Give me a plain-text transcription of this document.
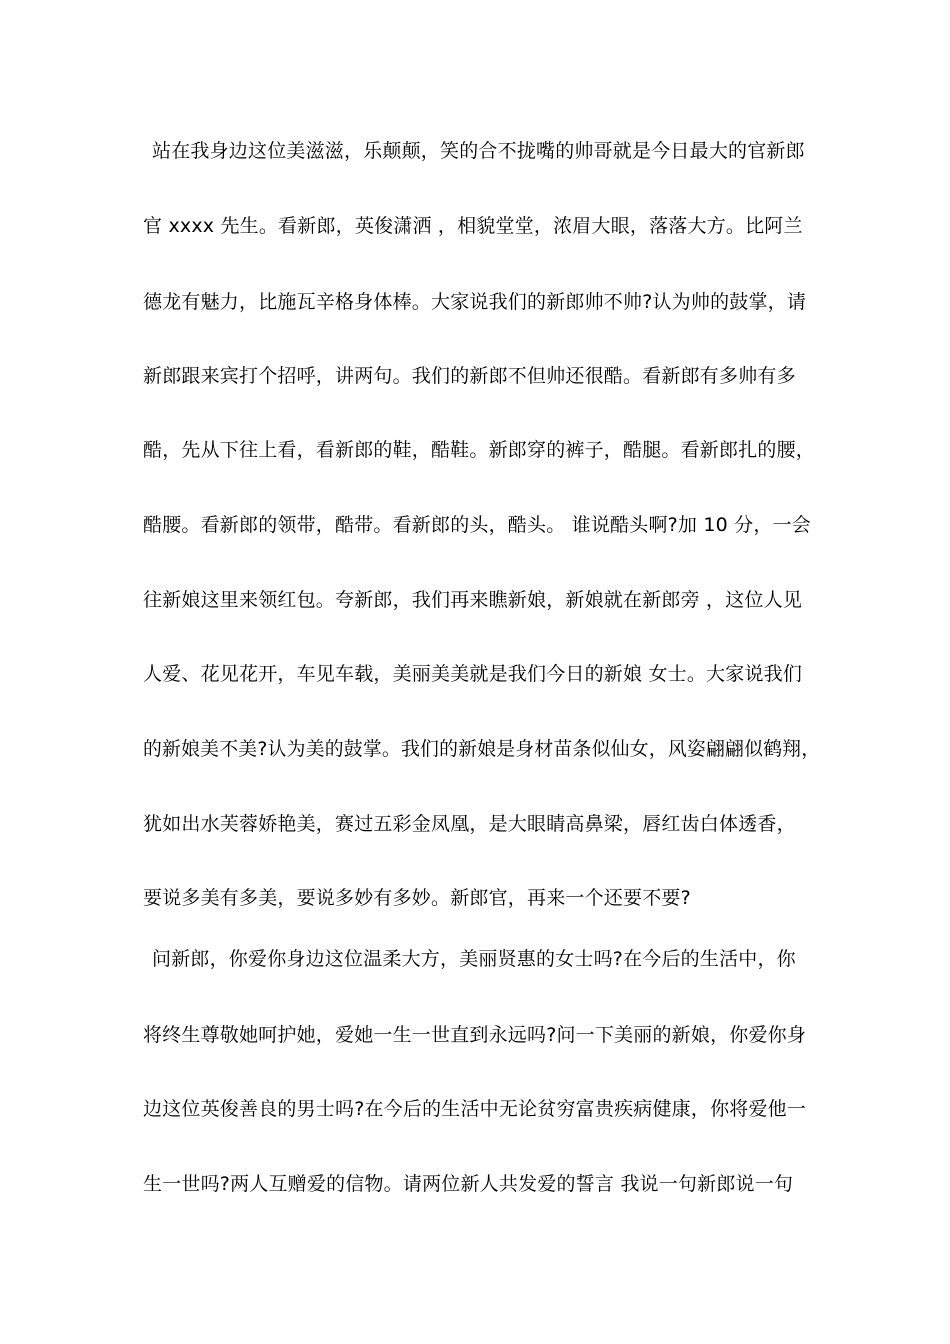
站在我身边这位美滋滋，乐颠颠，笑的合不拢嘴的帅哥就是今日最大的官新郎
官 xxxx 先生。看新郎，英俊潇洒 ，相貌堂堂，浓眉大眼，落落大方。比阿兰
德龙有魅力，比施瓦辛格身体棒。大家说我们的新郎帅不帅?认为帅的鼓掌，请
新郎跟来宾打个招呼，讲两句。我们的新郎不但帅还很酷。看新郎有多帅有多
酷，先从下往上看，看新郎的鞋，酷鞋。新郎穿的裤子，酷腿。看新郎扎的腰，
酷腰。看新郎的领带，酷带。看新郎的头，酷头。 谁说酷头啊?加 10 分，一会
往新娘这里来领红包。夸新郎，我们再来瞧新娘，新娘就在新郎旁 ，这位人见
人爱、花见花开，车见车载，美丽美美就是我们今日的新娘 女士。大家说我们
的新娘美不美?认为美的鼓掌。我们的新娘是身材苗条似仙女，风姿翩翩似鹤翔，
犹如出水芙蓉娇艳美，赛过五彩金凤凰，是大眼睛高鼻梁，唇红齿白体透香，
要说多美有多美，要说多妙有多妙。新郎官，再来一个还要不要?
问新郎，你爱你身边这位温柔大方，美丽贤惠的女士吗?在今后的生活中，你
将终生尊敬她呵护她，爱她一生一世直到永远吗?问一下美丽的新娘，你爱你身
边这位英俊善良的男士吗?在今后的生活中无论贫穷富贵疾病健康，你将爱他一
生一世吗?两人互赠爱的信物。请两位新人共发爱的誓言 我说一句新郎说一句
